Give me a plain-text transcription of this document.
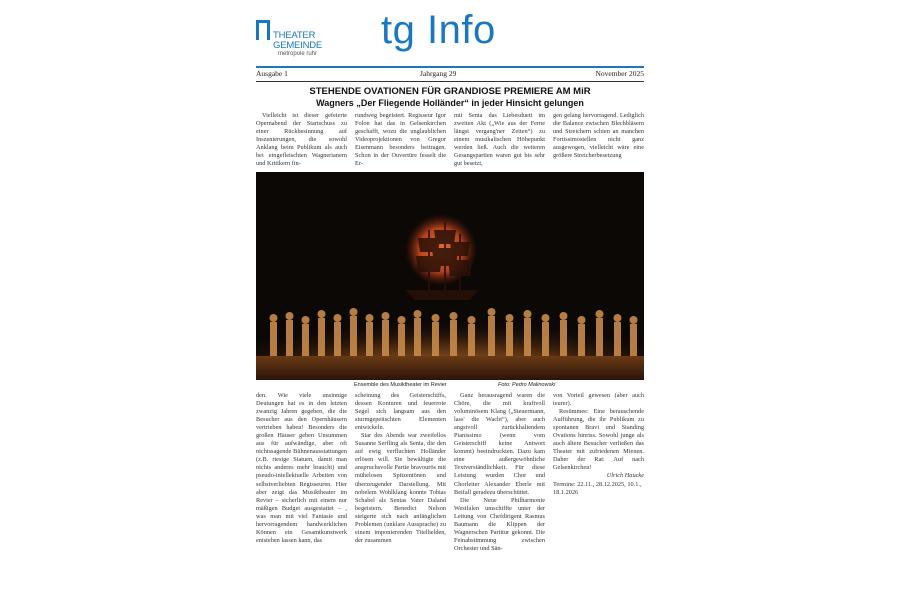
THEATER
GEMEINDE
metropole ruhr
tg Info
Ausgabe 1	Jahrgang 29	November 2025
STEHENDE OVATIONEN FÜR GRANDIOSE PREMIERE AM MiR
Wagners „Der Fliegende Holländer“ in jeder Hinsicht gelungen

Vielleicht ist dieser gefeierte Opernabend der Startschuss zu einer Rückbesinnung auf Inszenierungen, die sowohl Anklang beim Publikum als auch bei eingefleischten Wagnerianern und Kritikern fin-

rundweg begeistert. Regisseur Igor Folon hat das in Gelsenkirchen geschafft, wozu die unglaublichen Videoprojektionen von Gregor Eisenmann besonders beitragen. Schon in der Ouvertüre fesselt die Er-

mit Senta das Liebesduett im zweiten Akt („Wie aus der Ferne längst vergang'ner Zeiten“) zu einem musikalischen Höhepunkt werden ließ. Auch die weiteren Gesangspartien waren gut bis sehr gut besetzt,

gen gelang hervorragend. Lediglich die Balance zwischen Blechbläsern und Streichern schien an manchen Fortissimostellen nicht ganz ausgewogen, vielleicht wäre eine größere Streicherbesetzung

Ensemble des Musiktheater im Revier	Foto: Pedro Malinowski

den. Wie viele unsinnige Deutungen hat es in den letzten zwanzig Jahren gegeben, die die Besucher aus den Opernhäusern vertrieben haben! Besonders die großen Häuser geben Unsummen aus für aufwändige, aber oft nichtssagende Bühnenausstattungen (z.B. riesige Statuen, damit man nichts anderes mehr braucht) und pseudo-intellektuelle Arbeiten von selbstverliebten Regisseuren. Hier aber zeigt das Musiktheater im Revier – sicherlich mit einem nur mäßigen Budget ausgestattet – , was man mit viel Fantasie und hervorragendem handwerklichen Können ein Gesamtkunstwerk entstehen lassen kann, das

scheinung des Geisterschiffs, dessen Konturen und feuerrote Segel sich langsam aus den sturmgepeitschten Elementen entwickeln.

Star des Abends war zweifellos Susanne Serfling als Senta, die den auf ewig verfluchten Holländer erlösen will. Sie bewältigte die anspruchsvolle Partie bravourös mit mühelosen Spitzentönen und überzeugender Darstellung. Mit nobelem Wohlklang konnte Tobias Schabel als Sentas Vater Daland begeistern. Benedict Nelson steigerte sich nach anfänglichen Problemen (unklare Aussprache) zu einem imponierenden Titelhelden, der zusammen

Ganz herausragend waren die Chöre, die mit kraftvoll voluminösem Klang („Steuermann, lass' die Wacht“), aber auch angstvoll zurückhaltendem Pianissimo (wenn vom Geisterschiff keine Antwort kommt) beeindruckten. Dazu kam eine außergewöhnliche Textverständlichkeit. Für diese Leistung wurden Chor und Chorleiter Alexander Eberle mit Beifall geradezu überschüttet.

Die Neue Philharmonie Westfalen umschiffte unter der Leitung von Chefdirigent Rasmus Baumann die Klippen der Wagnerschen Partitur gekonnt. Die Feinabstimmung zwischen Orchester und Sän-

von Vorteil gewesen (aber auch teurer).

Resümmee: Eine berauschende Aufführung, die ihr Publikum zu spontanen Bravi und Standing Ovations hinriss. Sowohl junge als auch ältere Besucher verließen das Theater mit zufriedenen Mienen. Daher der Rat: Auf nach Gelsenkirchen!

Ulrich Haucke

Termine: 22.11., 28.12.2025, 10.1., 18.1.2026
